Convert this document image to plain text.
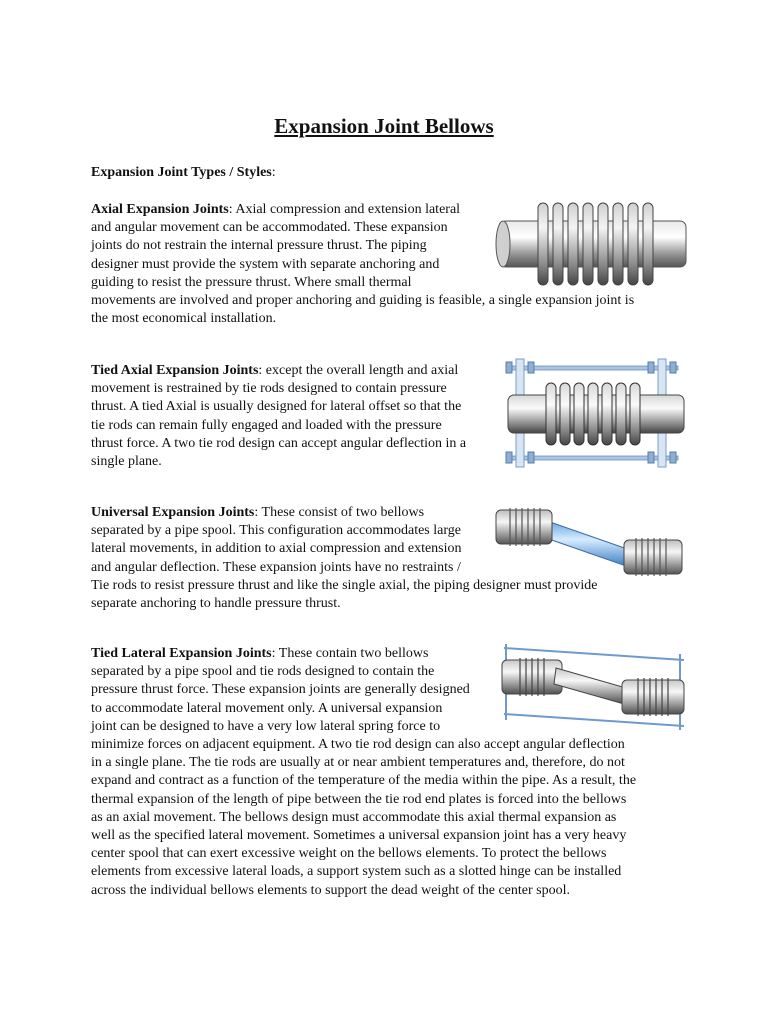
Expansion Joint Bellows

Expansion Joint Types / Styles:

Axial Expansion Joints: Axial compression and extension lateral
and angular movement can be accommodated. These expansion
joints do not restrain the internal pressure thrust. The piping
designer must provide the system with separate anchoring and
guiding to resist the pressure thrust. Where small thermal
movements are involved and proper anchoring and guiding is feasible, a single expansion joint is
the most economical installation.

Tied Axial Expansion Joints: except the overall length and axial
movement is restrained by tie rods designed to contain pressure
thrust. A tied Axial is usually designed for lateral offset so that the
tie rods can remain fully engaged and loaded with the pressure
thrust force. A two tie rod design can accept angular deflection in a
single plane.

Universal Expansion Joints: These consist of two bellows
separated by a pipe spool. This configuration accommodates large
lateral movements, in addition to axial compression and extension
and angular deflection. These expansion joints have no restraints /
Tie rods to resist pressure thrust and like the single axial, the piping designer must provide
separate anchoring to handle pressure thrust.

Tied Lateral Expansion Joints: These contain two bellows
separated by a pipe spool and tie rods designed to contain the
pressure thrust force. These expansion joints are generally designed
to accommodate lateral movement only. A universal expansion
joint can be designed to have a very low lateral spring force to
minimize forces on adjacent equipment. A two tie rod design can also accept angular deflection
in a single plane. The tie rods are usually at or near ambient temperatures and, therefore, do not
expand and contract as a function of the temperature of the media within the pipe. As a result, the
thermal expansion of the length of pipe between the tie rod end plates is forced into the bellows
as an axial movement. The bellows design must accommodate this axial thermal expansion as
well as the specified lateral movement. Sometimes a universal expansion joint has a very heavy
center spool that can exert excessive weight on the bellows elements. To protect the bellows
elements from excessive lateral loads, a support system such as a slotted hinge can be installed
across the individual bellows elements to support the dead weight of the center spool.
